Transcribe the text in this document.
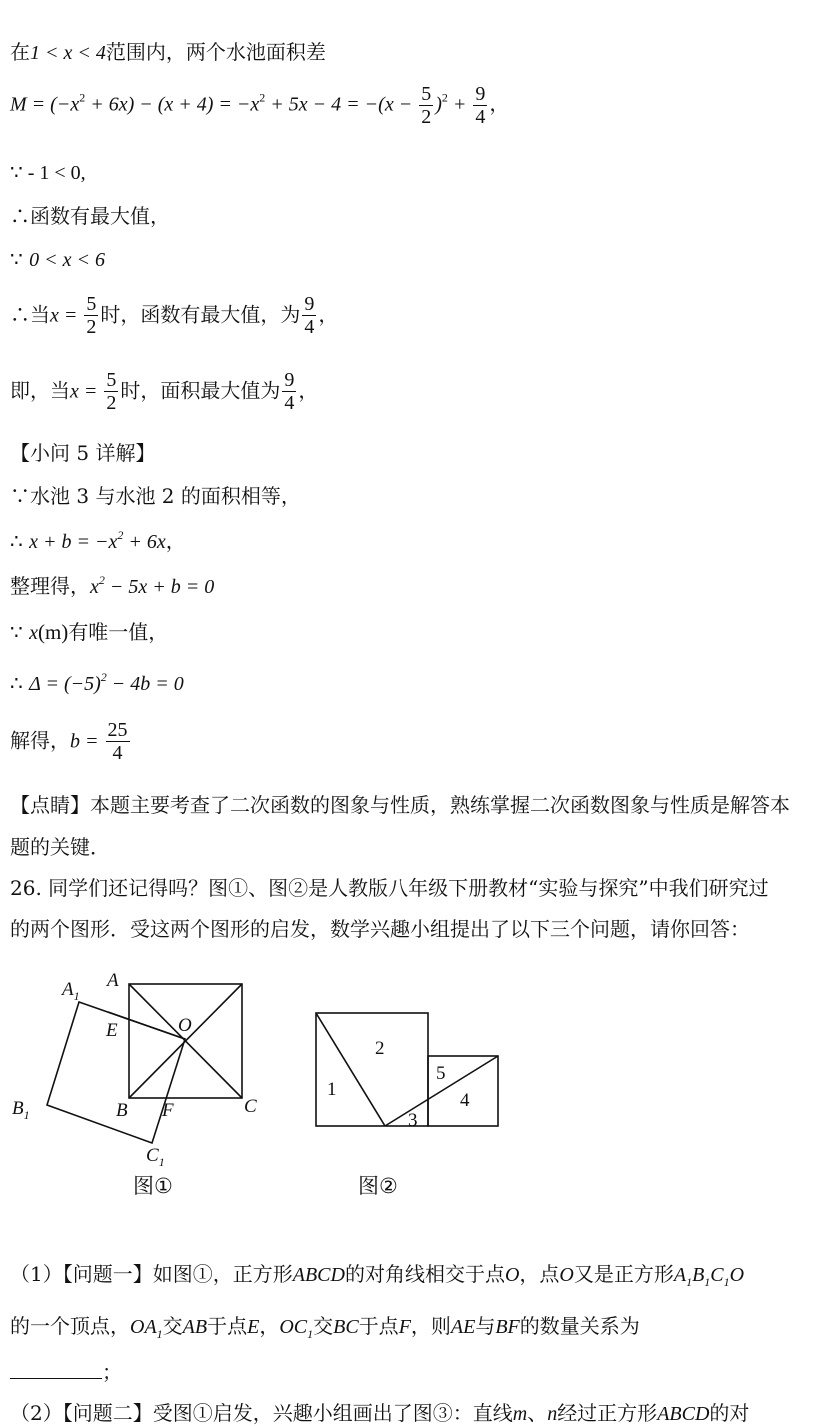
在1 < x < 4范围内，两个水池面积差
$M = (-x^2 + 6x) - (x + 4) = -x^2 + 5x - 4 = -(x - \frac{5}{2} )^2 + \frac{9}{4}$ ，
∵ - 1 < 0,
∴函数有最大值，
∵ 0 < x < 6
∴当$x = \frac{5}{2}$ 时，函数有最大值，为 $\frac{9}{4}$ ，
即，当$x = \frac{5}{2}$ 时，面积最大值为 $\frac{9}{4}$ ，
【小问 5 详解】
∵水池 3 与水池 2 的面积相等，
∴ $x + b = -x^2 + 6x$，
整理得，$x^2 - 5x + b = 0$
∵ x(m)有唯一值，
∴ $\Delta = (-5)^2 - 4b = 0$
解得，$b = \frac{25}{4}$
【点睛】本题主要考查了二次函数的图象与性质，熟练掌握二次函数图象与性质是解答本
题的关键．
26. 同学们还记得吗？图①、图②是人教版八年级下册教材“实验与探究”中我们研究过
的两个图形．受这两个图形的启发，数学兴趣小组提出了以下三个问题，请你回答：
$A_1$
A
E	O
$B_1$	B F	C
$C_1$
图①
1
2
3
4
5
图②
（1）【问题一】如图①，正方形ABCD的对角线相交于点O，点O又是正方形$A_1B_1C_1O$
的一个顶点，$OA_1$交AB于点E，$OC_1$交BC于点F，则AE与BF的数量关系为
；
（2）【问题二】受图①启发，兴趣小组画出了图③：直线m、n经过正方形ABCD的对
